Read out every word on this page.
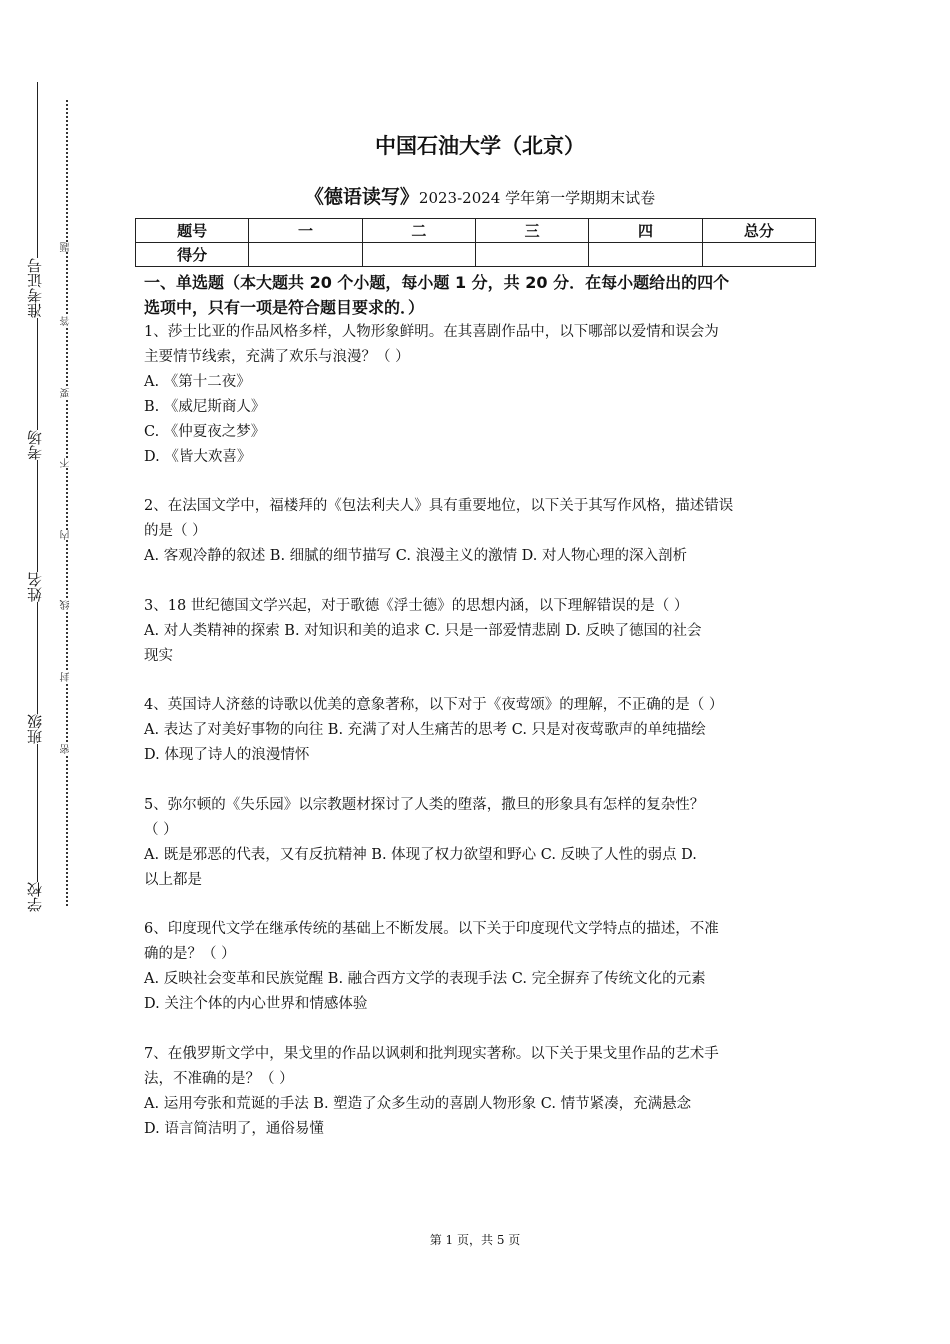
准考证号
考场
姓名
班级
学校
题
答
要
不
内
线
封
密
中国石油大学（北京）
《德语读写》2023-2024 学年第一学期期末试卷
题号	一	二	三	四	总分
得分					

一、单选题（本大题共 20 个小题，每小题 1 分，共 20 分．在每小题给出的四个

选项中，只有一项是符合题目要求的．）

1、莎士比亚的作品风格多样，人物形象鲜明。在其喜剧作品中，以下哪部以爱情和误会为

主要情节线索，充满了欢乐与浪漫？（ ）

A. 《第十二夜》

B. 《威尼斯商人》

C. 《仲夏夜之梦》

D. 《皆大欢喜》

2、在法国文学中，福楼拜的《包法利夫人》具有重要地位，以下关于其写作风格，描述错误

的是（ ）

A. 客观冷静的叙述 B. 细腻的细节描写 C. 浪漫主义的激情 D. 对人物心理的深入剖析

3、18 世纪德国文学兴起，对于歌德《浮士德》的思想内涵，以下理解错误的是（ ）

A. 对人类精神的探索 B. 对知识和美的追求 C. 只是一部爱情悲剧 D. 反映了德国的社会

现实

4、英国诗人济慈的诗歌以优美的意象著称，以下对于《夜莺颂》的理解，不正确的是（ ）

A. 表达了对美好事物的向往 B. 充满了对人生痛苦的思考 C. 只是对夜莺歌声的单纯描绘

D. 体现了诗人的浪漫情怀

5、弥尔顿的《失乐园》以宗教题材探讨了人类的堕落，撒旦的形象具有怎样的复杂性？

（ ）

A. 既是邪恶的代表，又有反抗精神 B. 体现了权力欲望和野心 C. 反映了人性的弱点 D.

以上都是

6、印度现代文学在继承传统的基础上不断发展。以下关于印度现代文学特点的描述，不准

确的是？（ ）

A. 反映社会变革和民族觉醒 B. 融合西方文学的表现手法 C. 完全摒弃了传统文化的元素

D. 关注个体的内心世界和情感体验

7、在俄罗斯文学中，果戈里的作品以讽刺和批判现实著称。以下关于果戈里作品的艺术手

法，不准确的是？（ ）

A. 运用夸张和荒诞的手法 B. 塑造了众多生动的喜剧人物形象 C. 情节紧凑，充满悬念

D. 语言简洁明了，通俗易懂

第 1 页，共 5 页
